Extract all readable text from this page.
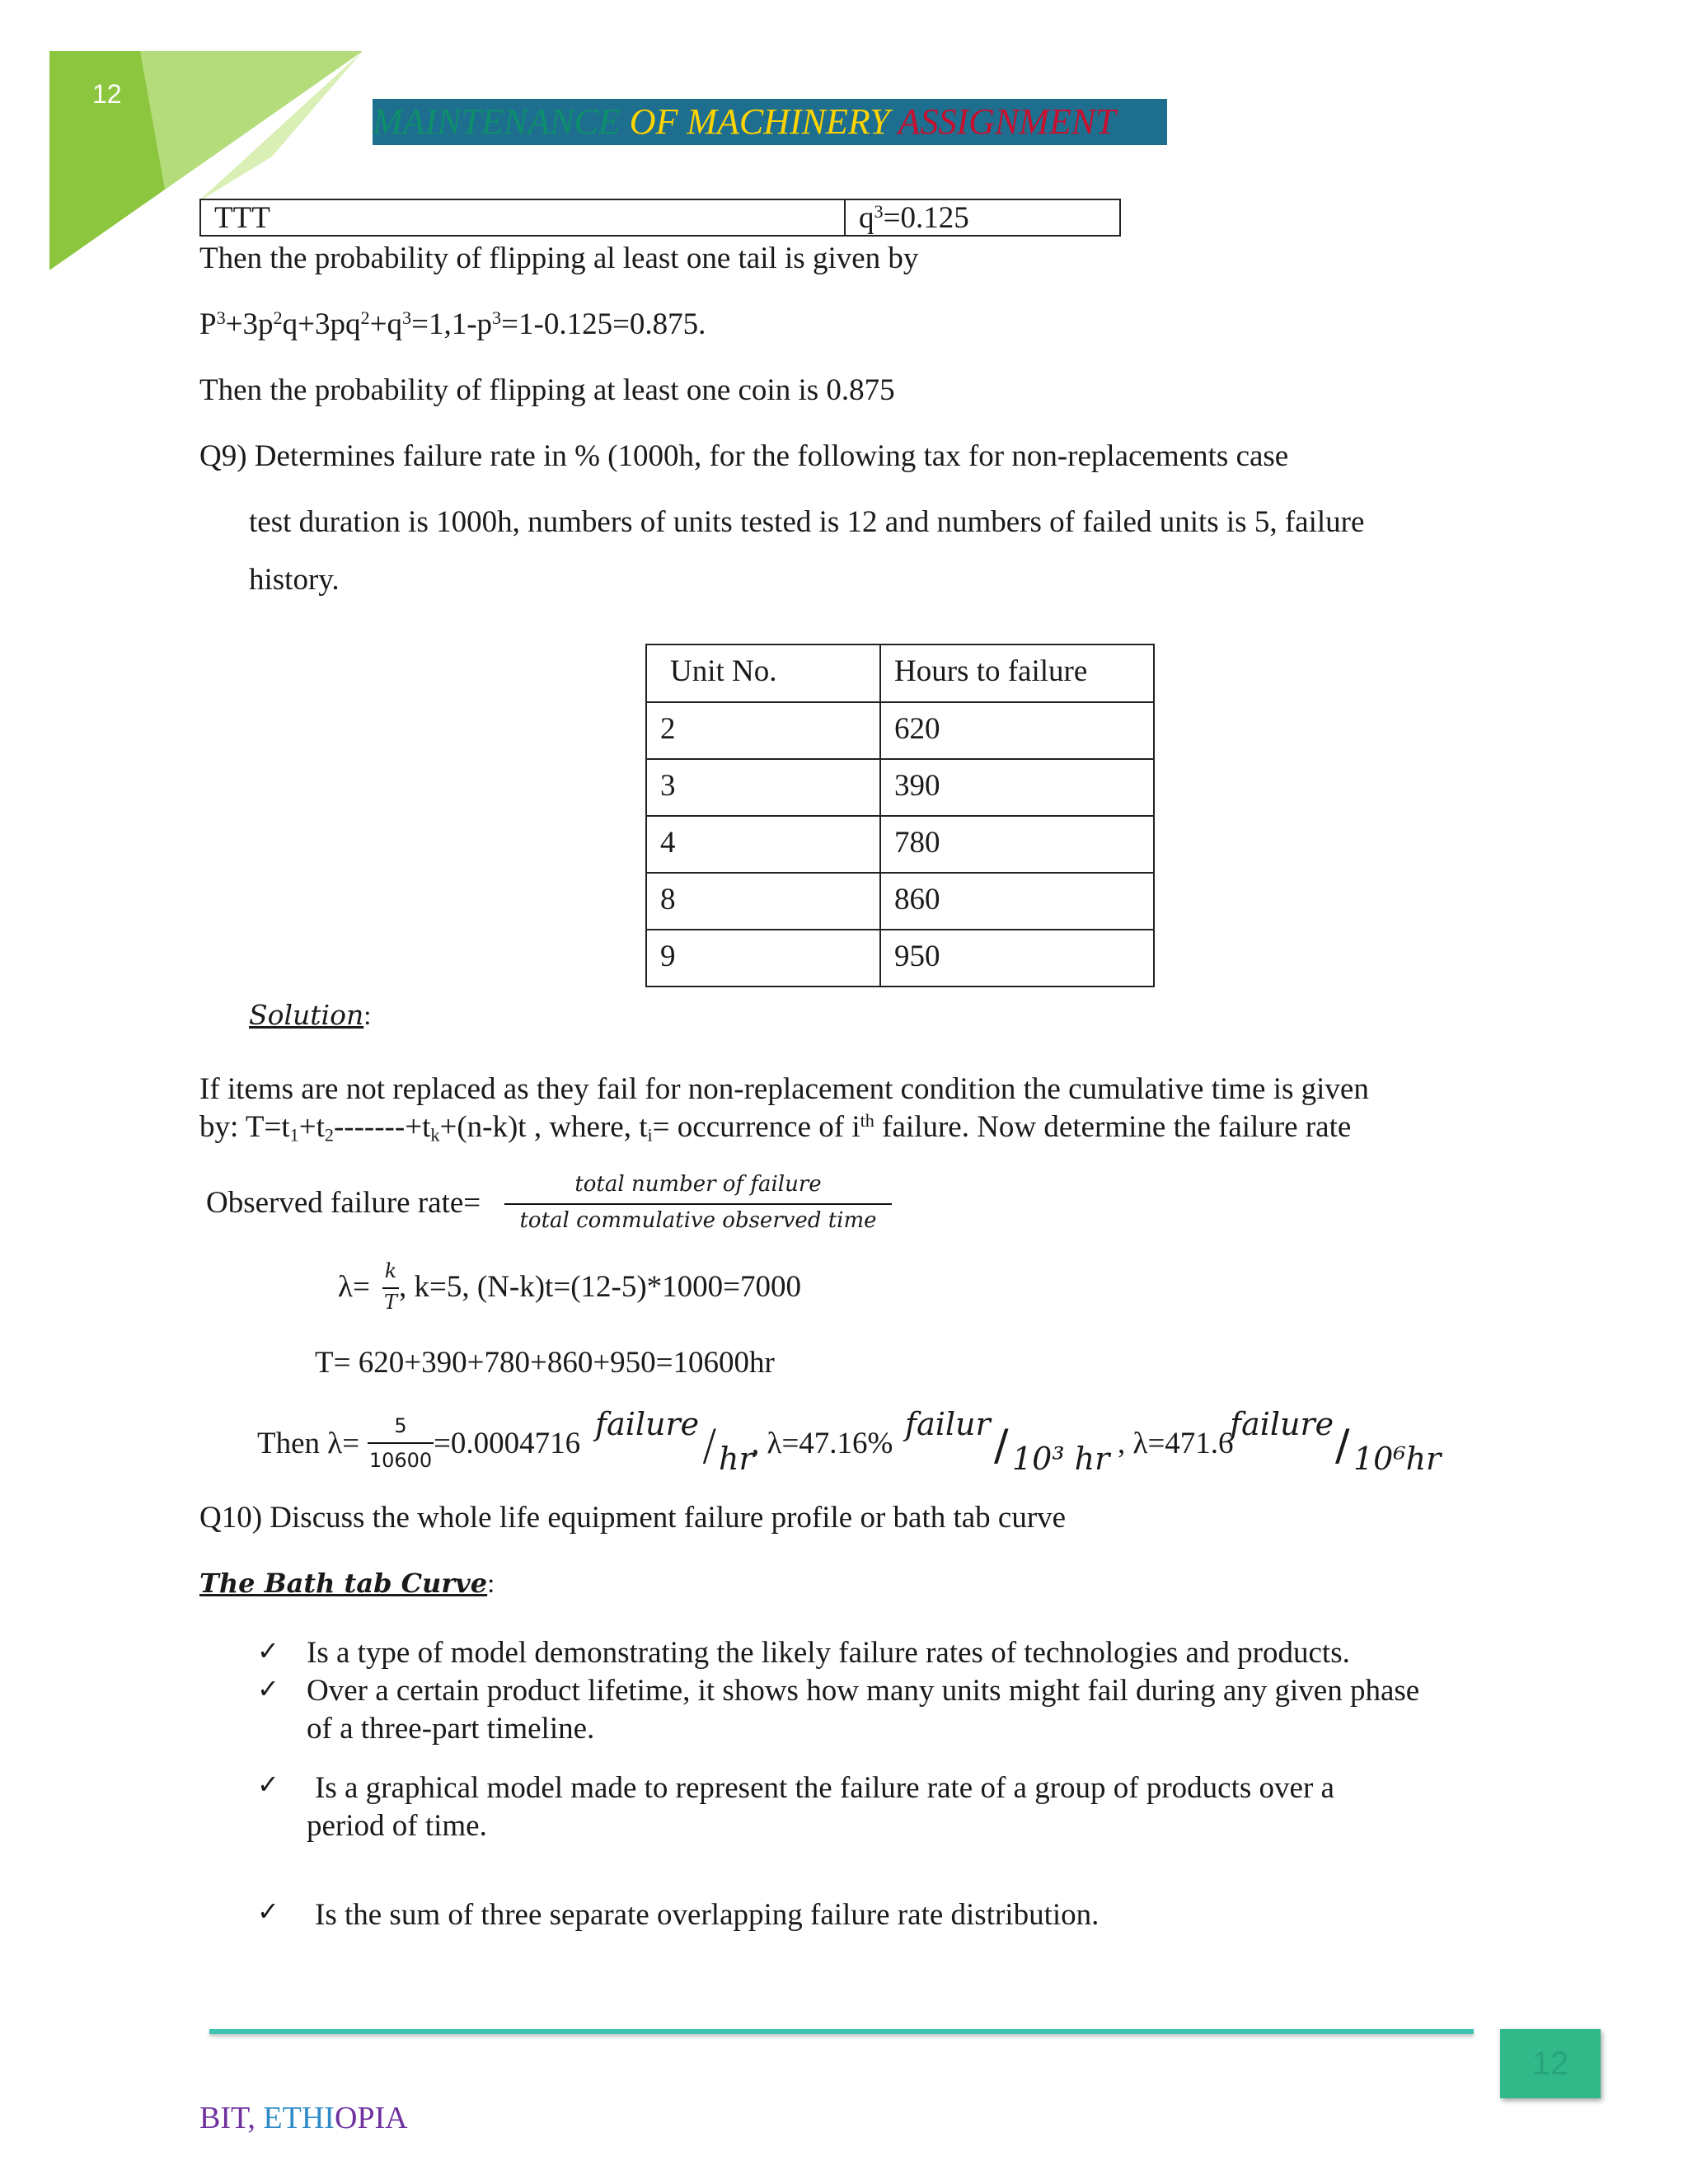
12
MAINTENANCE OF MACHINERY ASSIGNMENT
TTT	$q^3=0.125$
Then the probability of flipping al least one tail is given by
$P^3+3p^2q+3pq^2+q^3=1,1-p^3=1-0.125=0.875$.
Then the probability of flipping at least one coin is 0.875
Q9) Determines failure rate in % (1000h, for the following tax for non-replacements case
test duration is 1000h, numbers of units tested is 12 and numbers of failed units is 5, failure
history.
Unit No.	Hours to failure
2	620
3	390
4	780
8	860
9	950
Solution:
If items are not replaced as they fail for non-replacement condition the cumulative time is given
by: $T=t_1+t_2-------+t_k+(n-k)t$ , where, $t_i=$ occurrence of $i^{th}$ failure. Now determine the failure rate
Observed failure rate=
total number of failure
total commulative observed time
λ= k
T , k=5, (N-k)t=(12-5)*1000=7000
T= 620+390+780+860+950=10600hr
Then λ=
5
10600 =0.0004716
failure / hr
, λ=47.16%
failur / 10³ hr , λ=471.6
failure / 10⁶hr
Q10) Discuss the whole life equipment failure profile or bath tab curve
The Bath tab Curve:
✓ Is a type of model demonstrating the likely failure rates of technologies and products.
✓ Over a certain product lifetime, it shows how many units might fail during any given phase
of a three-part timeline.
✓ Is a graphical model made to represent the failure rate of a group of products over a
period of time.
✓ Is the sum of three separate overlapping failure rate distribution.
12
BIT, ETHIOPIA
